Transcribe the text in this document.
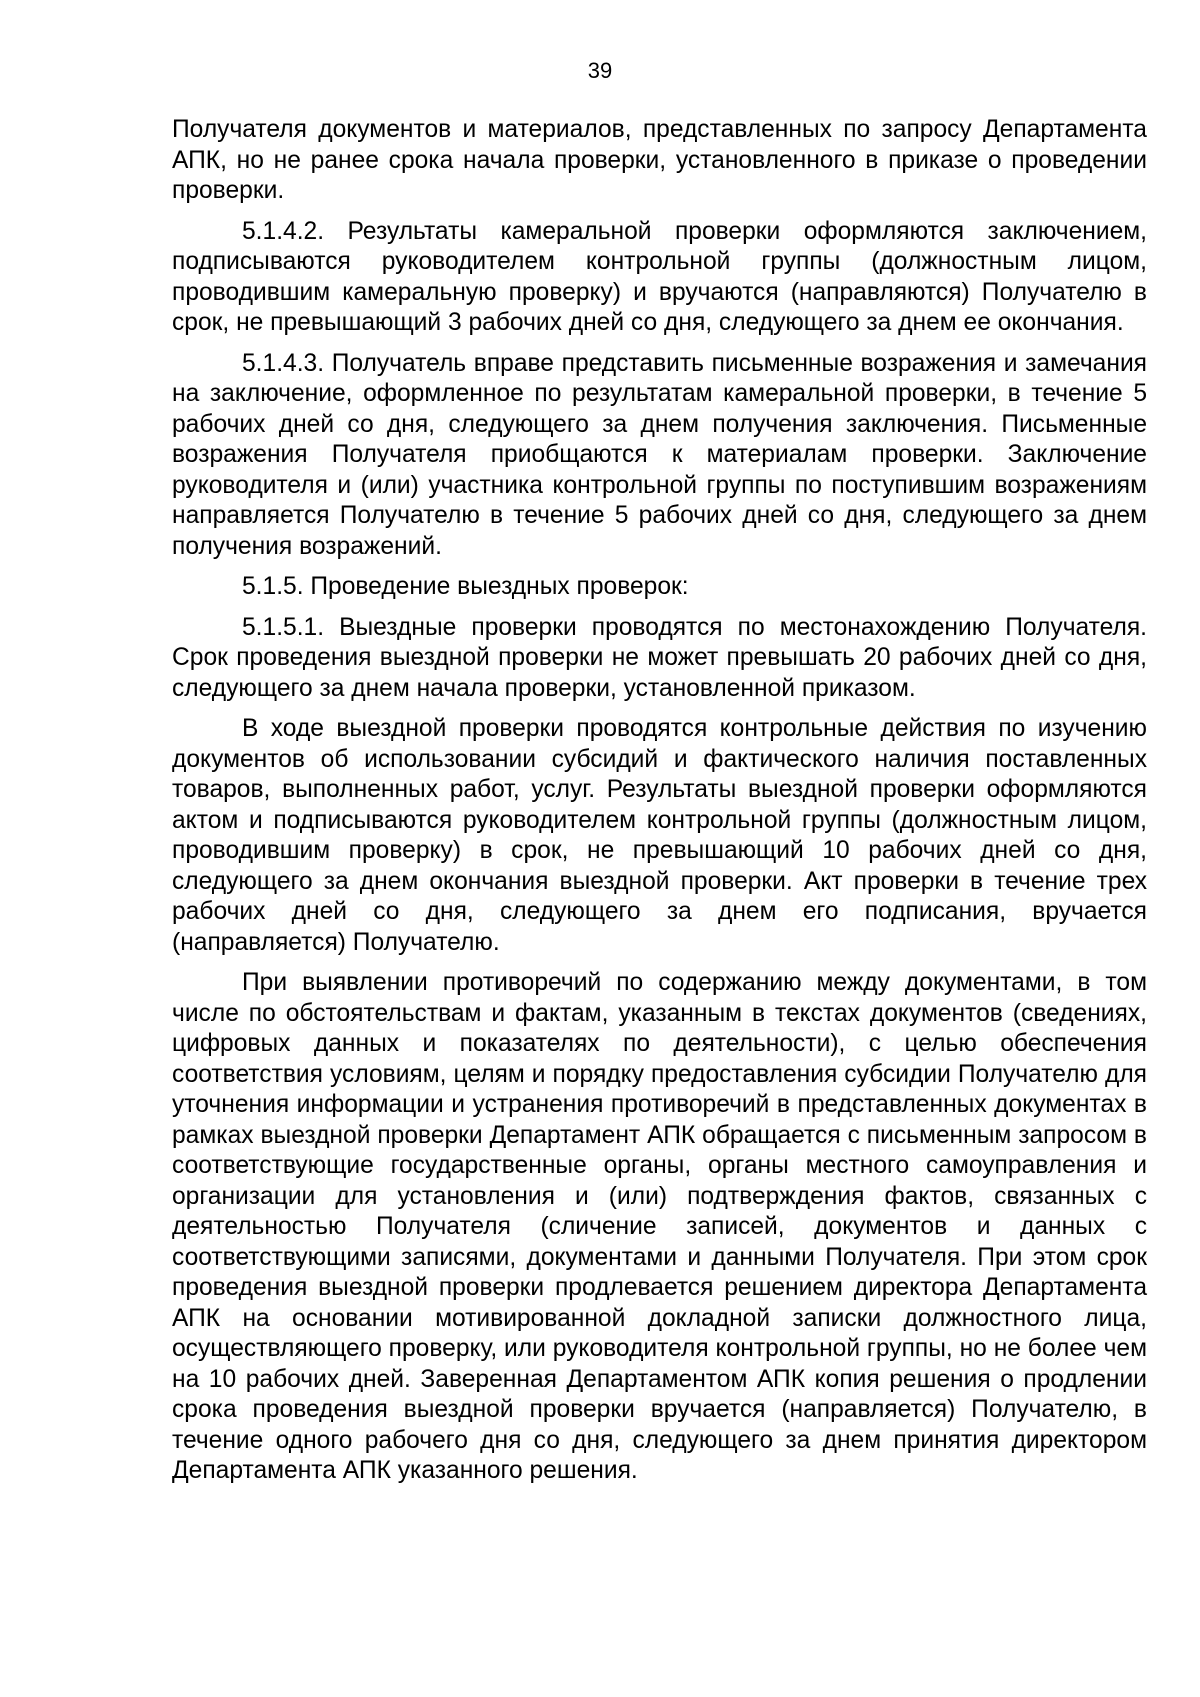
39

Получателя документов и материалов, представленных по запросу Департамента АПК, но не ранее срока начала проверки, установленного в приказе о проведении проверки.

5.1.4.2. Результаты камеральной проверки оформляются заключением, подписываются руководителем контрольной группы (должностным лицом, проводившим камеральную проверку) и вручаются (направляются) Получателю в срок, не превышающий 3 рабочих дней со дня, следующего за днем ее окончания.

5.1.4.3. Получатель вправе представить письменные возражения и замечания на заключение, оформленное по результатам камеральной проверки, в течение 5 рабочих дней со дня, следующего за днем получения заключения. Письменные возражения Получателя приобщаются к материалам проверки. Заключение руководителя и (или) участника контрольной группы по поступившим возражениям направляется Получателю в течение 5 рабочих дней со дня, следующего за днем получения возражений.

5.1.5. Проведение выездных проверок:

5.1.5.1. Выездные проверки проводятся по местонахождению Получателя. Срок проведения выездной проверки не может превышать 20 рабочих дней со дня, следующего за днем начала проверки, установленной приказом.

В ходе выездной проверки проводятся контрольные действия по изучению документов об использовании субсидий и фактического наличия поставленных товаров, выполненных работ, услуг. Результаты выездной проверки оформляются актом и подписываются руководителем контрольной группы (должностным лицом, проводившим проверку) в срок, не превышающий 10 рабочих дней со дня, следующего за днем окончания выездной проверки. Акт проверки в течение трех рабочих дней со дня, следующего за днем его подписания, вручается (направляется) Получателю.

При выявлении противоречий по содержанию между документами, в том числе по обстоятельствам и фактам, указанным в текстах документов (сведениях, цифровых данных и показателях по деятельности), с целью обеспечения соответствия условиям, целям и порядку предоставления субсидии Получателю для уточнения информации и устранения противоречий в представленных документах в рамках выездной проверки Департамент АПК обращается с письменным запросом в соответствующие государственные органы, органы местного самоуправления и организации для установления и (или) подтверждения фактов, связанных с деятельностью Получателя (сличение записей, документов и данных с соответствующими записями, документами и данными Получателя. При этом срок проведения выездной проверки продлевается решением директора Департамента АПК на основании мотивированной докладной записки должностного лица, осуществляющего проверку, или руководителя контрольной группы, но не более чем на 10 рабочих дней. Заверенная Департаментом АПК копия решения о продлении срока проведения выездной проверки вручается (направляется) Получателю, в течение одного рабочего дня со дня, следующего за днем принятия директором Департамента АПК указанного решения.
